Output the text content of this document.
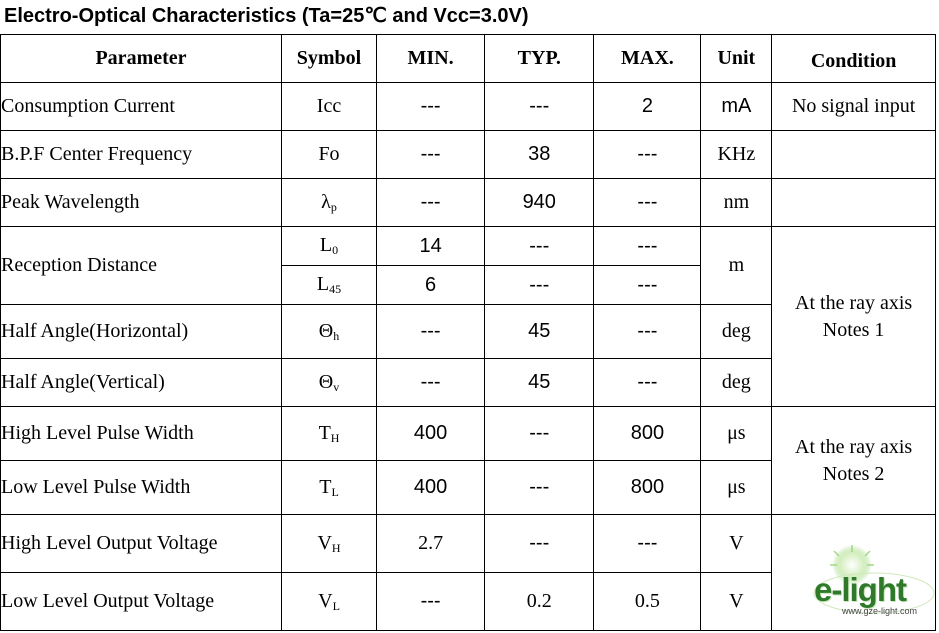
Electro-Optical Characteristics (Ta=25℃ and Vcc=3.0V)
Parameter	Symbol	MIN.	TYP.	MAX.	Unit	Condition
Consumption Current	Icc	---	---	2	mA	No signal input
B.P.F Center Frequency	Fo	---	38	---	KHz	
Peak Wavelength	$\lambda_p$	---	940	---	nm	
Reception Distance	$L_0$	14	---	---	m	At the ray axis
Notes 1

	$L_{45}$	6	---	---		
Half Angle(Horizontal)	$\Theta_h$	---	45	---	deg	
Half Angle(Vertical)	$\Theta_v$	---	45	---	deg	
High Level Pulse Width	$T_H$	400	---	800	μs	At the ray axis
Notes 2

Low Level Pulse Width	$T_L$	400	---	800	μs	
High Level Output Voltage	$V_H$	2.7	---	---	V	
Low Level Output Voltage	$V_L$	---	0.2	0.5	V	e-light
www.gze-light.com
